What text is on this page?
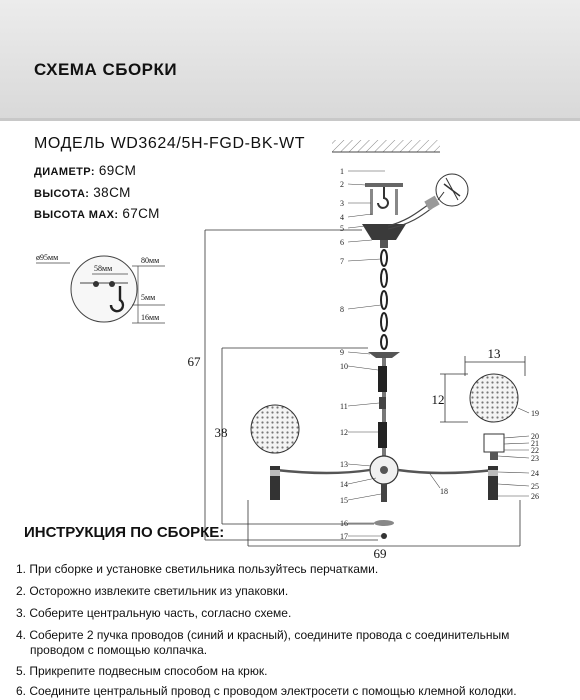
СХЕМА СБОРКИ
МОДЕЛЬ WD3624/5H-FGD-BK-WT
ДИАМЕТР: 69СМ
ВЫСОТА: 38СМ
ВЫСОТА MAX: 67СМ
67
38
69
13
12
ø95мм
58мм
80мм
5мм
16мм
1
2
3
4
5
6
7
8
9
10
11
12
13
14
15
16
17
18
19
20
21
22
23
24
25
26
ИНСТРУКЦИЯ ПО СБОРКЕ:
1. При сборке и установке светильника пользуйтесь перчатками.
2. Осторожно извлеките светильник из упаковки.
3. Соберите центральную часть, согласно схеме.
4. Соберите 2 пучка проводов (синий и красный), соедините провода с соединительным
проводом с помощью колпачка.
5. Прикрепите подвесным способом на крюк.
6. Соедините центральный провод с проводом электросети с помощью клемной колодки.
